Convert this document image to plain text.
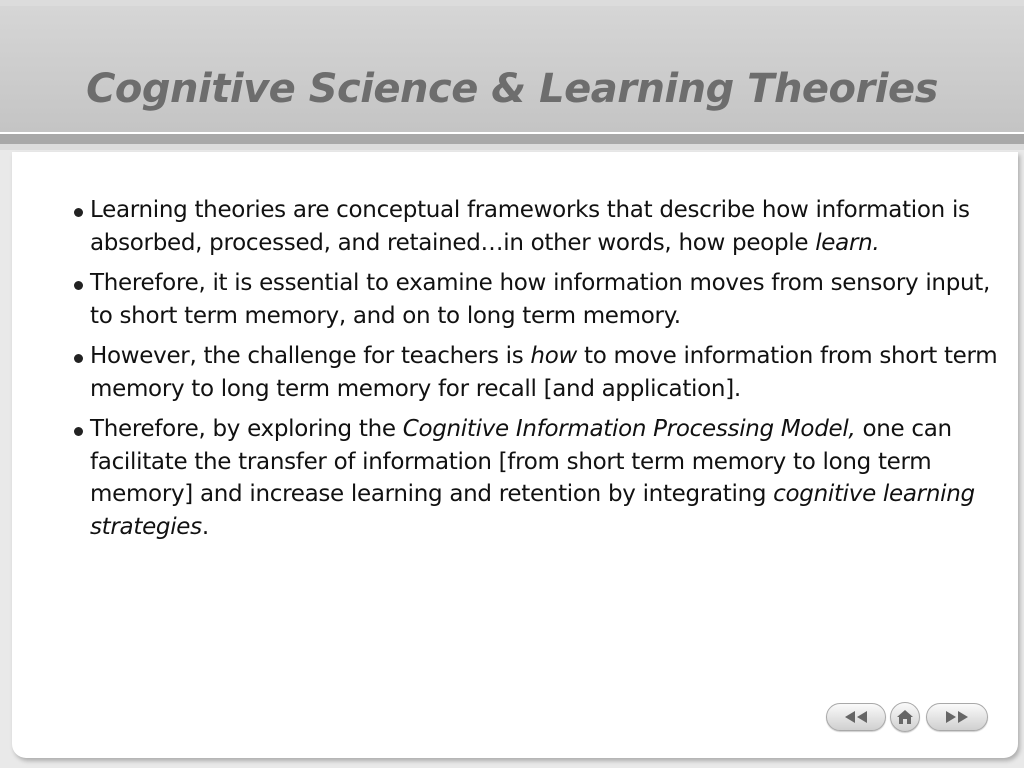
Cognitive Science & Learning Theories
Learning theories are conceptual frameworks that describe how information is absorbed, processed, and retained…in other words, how people learn.
Therefore, it is essential to examine how information moves from sensory input, to short term memory, and on to long term memory.
However, the challenge for teachers is how to move information from short term memory to long term memory for recall [and application].
Therefore, by exploring the Cognitive Information Processing Model, one can facilitate the transfer of information [from short term memory to long term memory] and increase learning and retention by integrating cognitive learning strategies.
